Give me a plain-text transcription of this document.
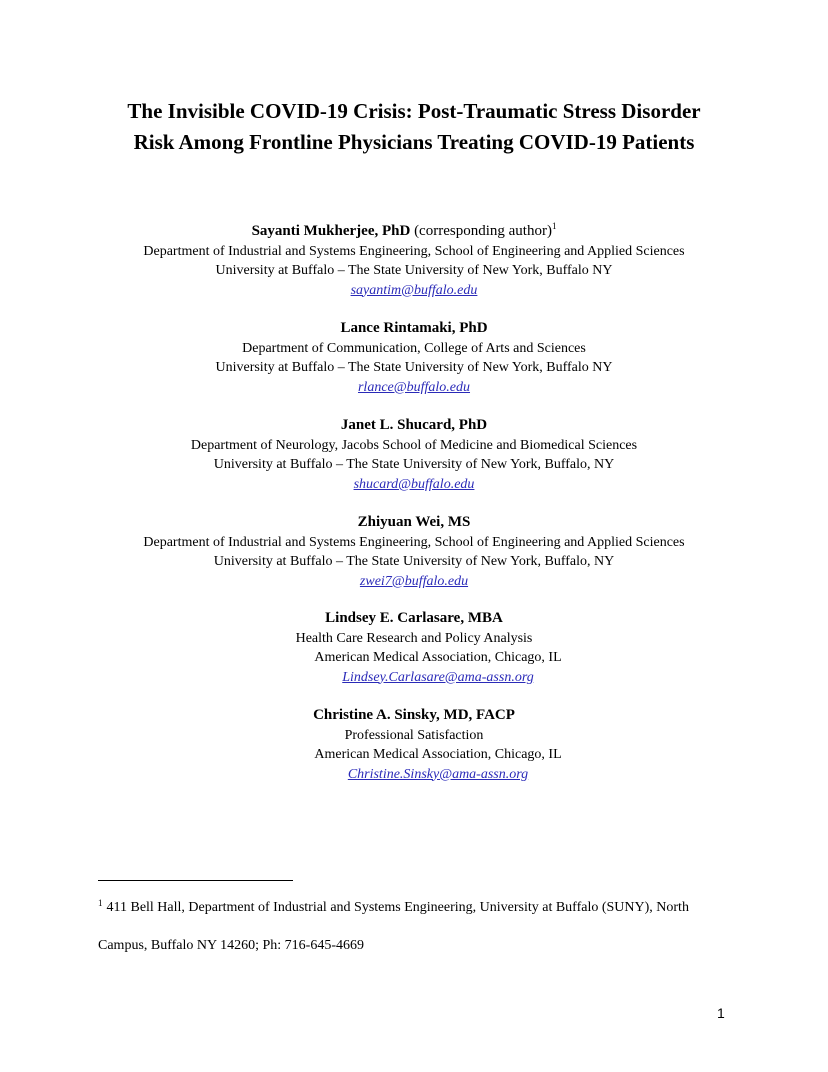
The Invisible COVID-19 Crisis: Post-Traumatic Stress Disorder
Risk Among Frontline Physicians Treating COVID-19 Patients
Sayanti Mukherjee, PhD (corresponding author)$^1$
Department of Industrial and Systems Engineering, School of Engineering and Applied Sciences
University at Buffalo – The State University of New York, Buffalo NY
sayantim@buffalo.edu
Lance Rintamaki, PhD
Department of Communication, College of Arts and Sciences
University at Buffalo – The State University of New York, Buffalo NY
rlance@buffalo.edu
Janet L. Shucard, PhD
Department of Neurology, Jacobs School of Medicine and Biomedical Sciences
University at Buffalo – The State University of New York, Buffalo, NY
shucard@buffalo.edu
Zhiyuan Wei, MS
Department of Industrial and Systems Engineering, School of Engineering and Applied Sciences
University at Buffalo – The State University of New York, Buffalo, NY
zwei7@buffalo.edu
Lindsey E. Carlasare, MBA
Health Care Research and Policy Analysis
American Medical Association, Chicago, IL
Lindsey.Carlasare@ama-assn.org
Christine A. Sinsky, MD, FACP
Professional Satisfaction
American Medical Association, Chicago, IL
Christine.Sinsky@ama-assn.org

$^1$ 411 Bell Hall, Department of Industrial and Systems Engineering, University at Buffalo (SUNY), North Campus, Buffalo NY 14260; Ph: 716-645-4669

1
